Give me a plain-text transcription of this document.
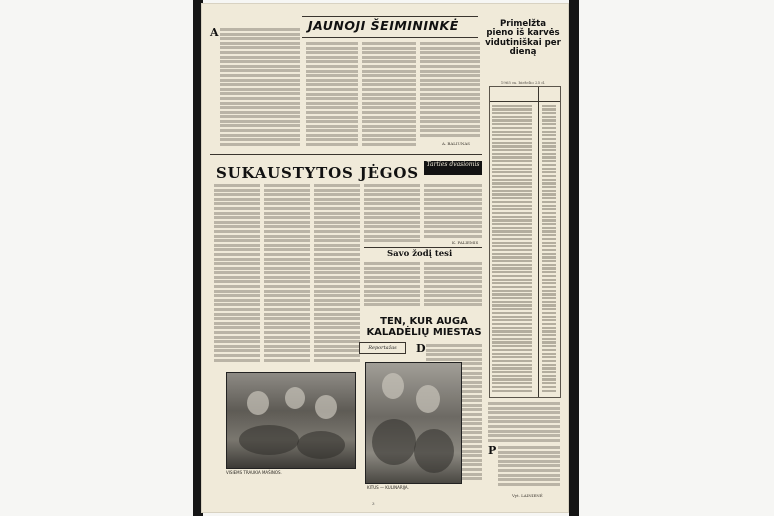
A	JAUNOJI ŠEIMININKĖ
A. BALIUNAS
Primelžta pieno iš karvės vidutiniškai per dieną
1965 m. birželio 25 d.
P
Vyt. LAINIENĖ
SUKAUSTYTOS JĖGOS	Tarties dvasiomis
K. PALIEMIS
Savo žodį tesi
TEN, KUR AUGA KALADĖLIŲ MIESTAS
Reportažas	D
VISIEMS TRAUKIA MAŠINOS.
KITUS — KULINARIJA.
3
